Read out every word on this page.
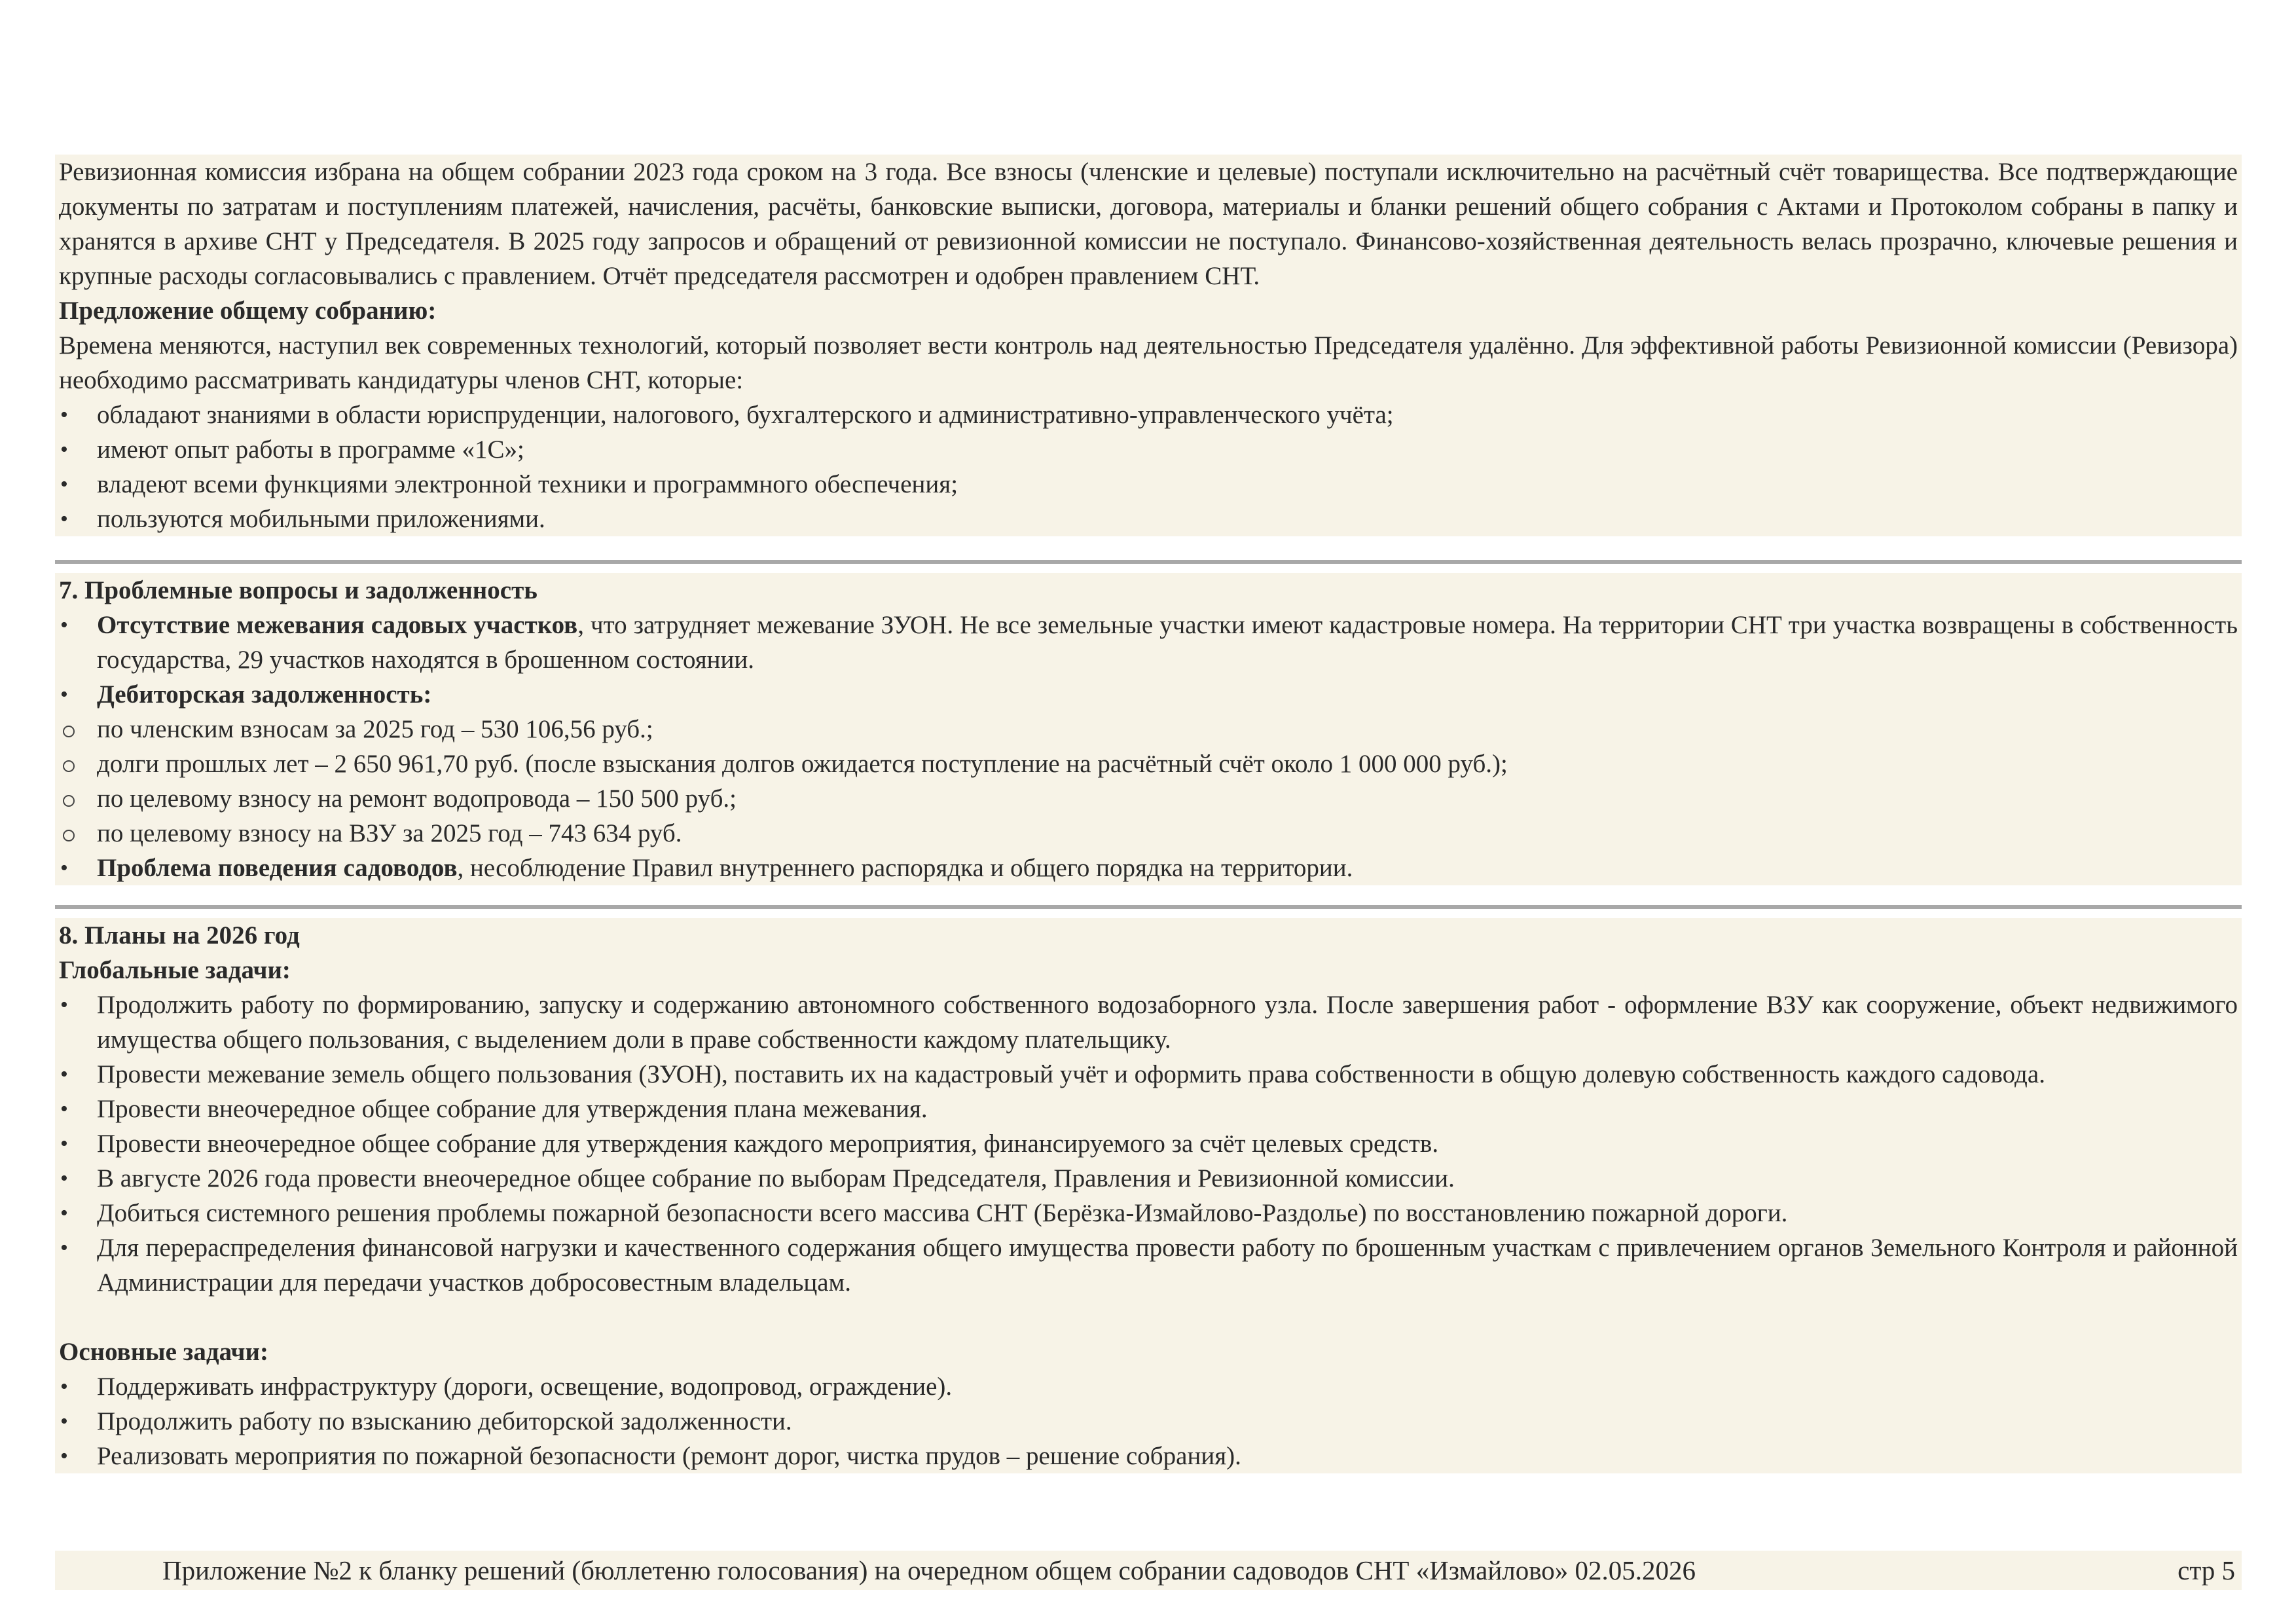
Ревизионная комиссия избрана на общем собрании 2023 года сроком на 3 года. Все взносы (членские и целевые) поступали исключительно на расчётный счёт товарищества. Все подтверждающие документы по затратам и поступлениям платежей, начисления, расчёты, банковские выписки, договора, материалы и бланки решений общего собрания с Актами и Протоколом собраны в папку и хранятся в архиве СНТ у Председателя. В 2025 году запросов и обращений от ревизионной комиссии не поступало. Финансово-хозяйственная деятельность велась прозрачно, ключевые решения и крупные расходы согласовывались с правлением. Отчёт председателя рассмотрен и одобрен правлением СНТ.

Предложение общему собранию:

Времена меняются, наступил век современных технологий, который позволяет вести контроль над деятельностью Председателя удалённо. Для эффективной работы Ревизионной комиссии (Ревизора) необходимо рассматривать кандидатуры членов СНТ, которые:

• обладают знаниями в области юриспруденции, налогового, бухгалтерского и административно-управленческого учёта;
• имеют опыт работы в программе «1С»;
• владеют всеми функциями электронной техники и программного обеспечения;
• пользуются мобильными приложениями.
7. Проблемные вопросы и задолженность
• Отсутствие межевания садовых участков, что затрудняет межевание ЗУОН. Не все земельные участки имеют кадастровые номера. На территории СНТ три участка возвращены в собственность государства, 29 участков находятся в брошенном состоянии.
• Дебиторская задолженность:
по членским взносам за 2025 год – 530 106,56 руб.;
долги прошлых лет – 2 650 961,70 руб. (после взыскания долгов ожидается поступление на расчётный счёт около 1 000 000 руб.);
по целевому взносу на ремонт водопровода – 150 500 руб.;
по целевому взносу на ВЗУ за 2025 год – 743 634 руб.
• Проблема поведения садоводов, несоблюдение Правил внутреннего распорядка и общего порядка на территории.
8. Планы на 2026 год
Глобальные задачи:
• Продолжить работу по формированию, запуску и содержанию автономного собственного водозаборного узла. После завершения работ - оформление ВЗУ как сооружение, объект недвижимого имущества общего пользования, с выделением доли в праве собственности каждому плательщику.
• Провести межевание земель общего пользования (ЗУОН), поставить их на кадастровый учёт и оформить права собственности в общую долевую собственность каждого садовода.
• Провести внеочередное общее собрание для утверждения плана межевания.
• Провести внеочередное общее собрание для утверждения каждого мероприятия, финансируемого за счёт целевых средств.
• В августе 2026 года провести внеочередное общее собрание по выборам Председателя, Правления и Ревизионной комиссии.
• Добиться системного решения проблемы пожарной безопасности всего массива СНТ (Берёзка-Измайлово-Раздолье) по восстановлению пожарной дороги.
• Для перераспределения финансовой нагрузки и качественного содержания общего имущества провести работу по брошенным участкам с привлечением органов Земельного Контроля и районной Администрации для передачи участков добросовестным владельцам.
Основные задачи:
• Поддерживать инфраструктуру (дороги, освещение, водопровод, ограждение).
• Продолжить работу по взысканию дебиторской задолженности.
• Реализовать мероприятия по пожарной безопасности (ремонт дорог, чистка прудов – решение собрания).
Приложение №2 к бланку решений (бюллетеню голосования) на очередном общем собрании садоводов СНТ «Измайлово» 02.05.2026	стр 5
